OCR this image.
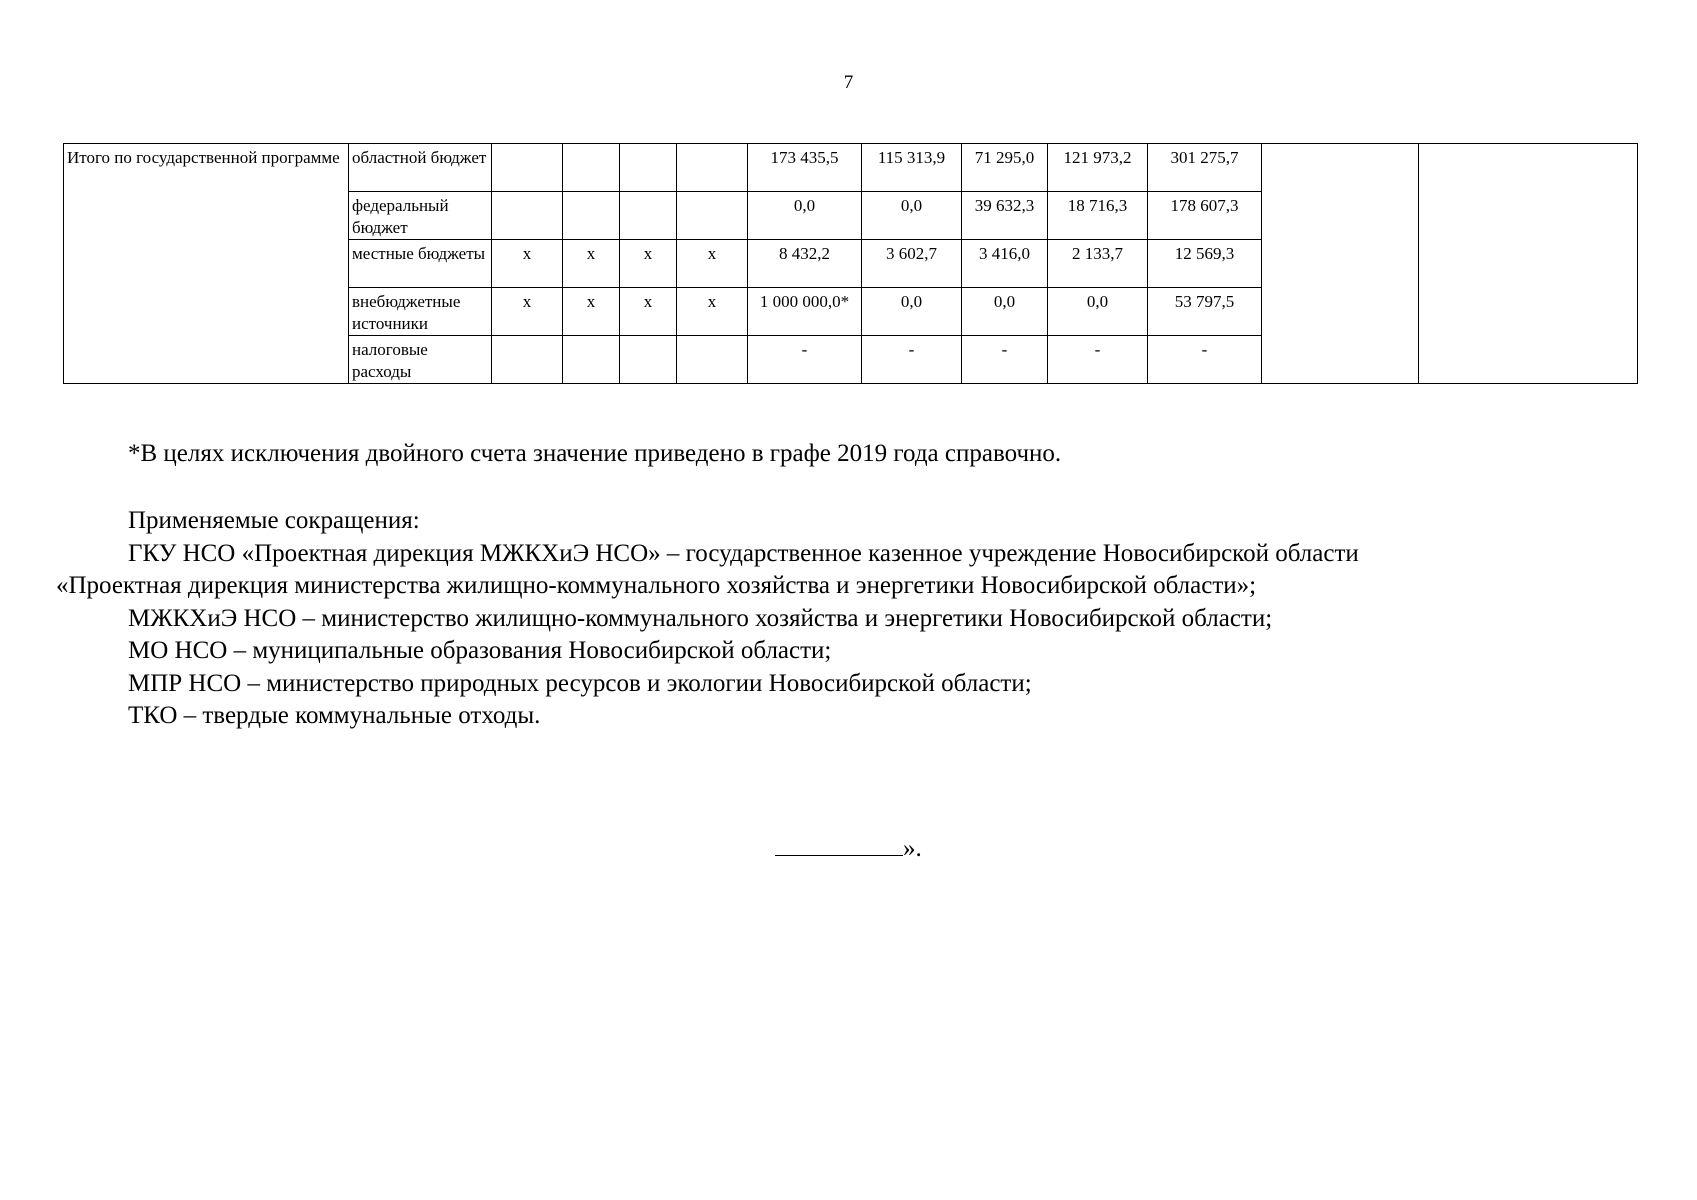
7
Итого по государственной программе	областной бюджет					173 435,5	115 313,9	71 295,0	121 973,2	301 275,7		
	федеральный бюджет					0,0	0,0	39 632,3	18 716,3	178 607,3		
	местные бюджеты	х	х	х	х	8 432,2	3 602,7	3 416,0	2 133,7	12 569,3		
	внебюджетные источники	х	х	х	х	1 000 000,0*	0,0	0,0	0,0	53 797,5		
	налоговые расходы					-	-	-	-	-		
*В целях исключения двойного счета значение приведено в графе 2019 года справочно.
Применяемые сокращения:
ГКУ НСО «Проектная дирекция МЖКХиЭ НСО» – государственное казенное учреждение Новосибирской области
«Проектная дирекция министерства жилищно-коммунального хозяйства и энергетики Новосибирской области»;
МЖКХиЭ НСО – министерство жилищно-коммунального хозяйства и энергетики Новосибирской области;
МО НСО – муниципальные образования Новосибирской области;
МПР НСО – министерство природных ресурсов и экологии Новосибирской области;
ТКО – твердые коммунальные отходы.
».
